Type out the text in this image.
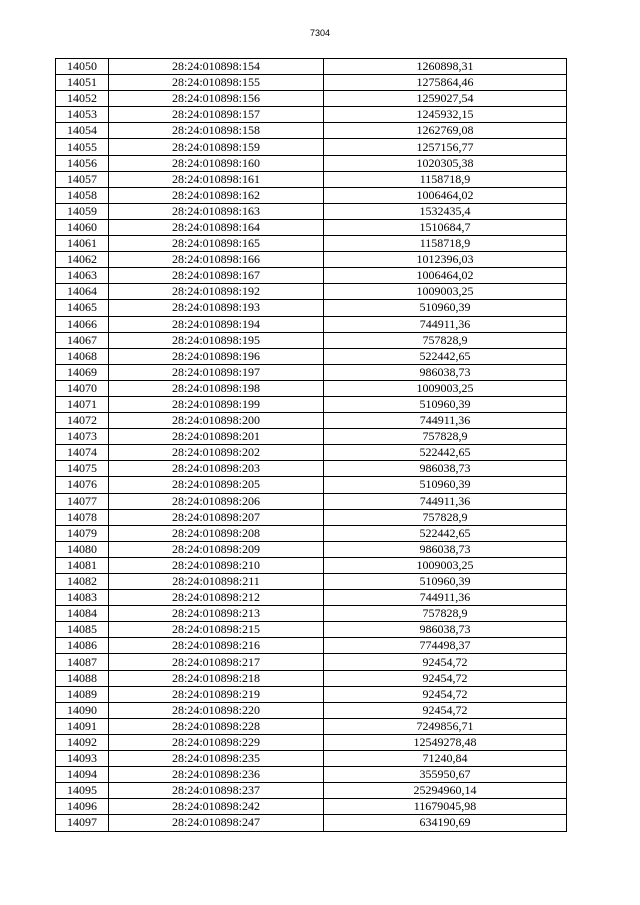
7304
14050	28:24:010898:154	1260898,31
14051	28:24:010898:155	1275864,46
14052	28:24:010898:156	1259027,54
14053	28:24:010898:157	1245932,15
14054	28:24:010898:158	1262769,08
14055	28:24:010898:159	1257156,77
14056	28:24:010898:160	1020305,38
14057	28:24:010898:161	1158718,9
14058	28:24:010898:162	1006464,02
14059	28:24:010898:163	1532435,4
14060	28:24:010898:164	1510684,7
14061	28:24:010898:165	1158718,9
14062	28:24:010898:166	1012396,03
14063	28:24:010898:167	1006464,02
14064	28:24:010898:192	1009003,25
14065	28:24:010898:193	510960,39
14066	28:24:010898:194	744911,36
14067	28:24:010898:195	757828,9
14068	28:24:010898:196	522442,65
14069	28:24:010898:197	986038,73
14070	28:24:010898:198	1009003,25
14071	28:24:010898:199	510960,39
14072	28:24:010898:200	744911,36
14073	28:24:010898:201	757828,9
14074	28:24:010898:202	522442,65
14075	28:24:010898:203	986038,73
14076	28:24:010898:205	510960,39
14077	28:24:010898:206	744911,36
14078	28:24:010898:207	757828,9
14079	28:24:010898:208	522442,65
14080	28:24:010898:209	986038,73
14081	28:24:010898:210	1009003,25
14082	28:24:010898:211	510960,39
14083	28:24:010898:212	744911,36
14084	28:24:010898:213	757828,9
14085	28:24:010898:215	986038,73
14086	28:24:010898:216	774498,37
14087	28:24:010898:217	92454,72
14088	28:24:010898:218	92454,72
14089	28:24:010898:219	92454,72
14090	28:24:010898:220	92454,72
14091	28:24:010898:228	7249856,71
14092	28:24:010898:229	12549278,48
14093	28:24:010898:235	71240,84
14094	28:24:010898:236	355950,67
14095	28:24:010898:237	25294960,14
14096	28:24:010898:242	11679045,98
14097	28:24:010898:247	634190,69
